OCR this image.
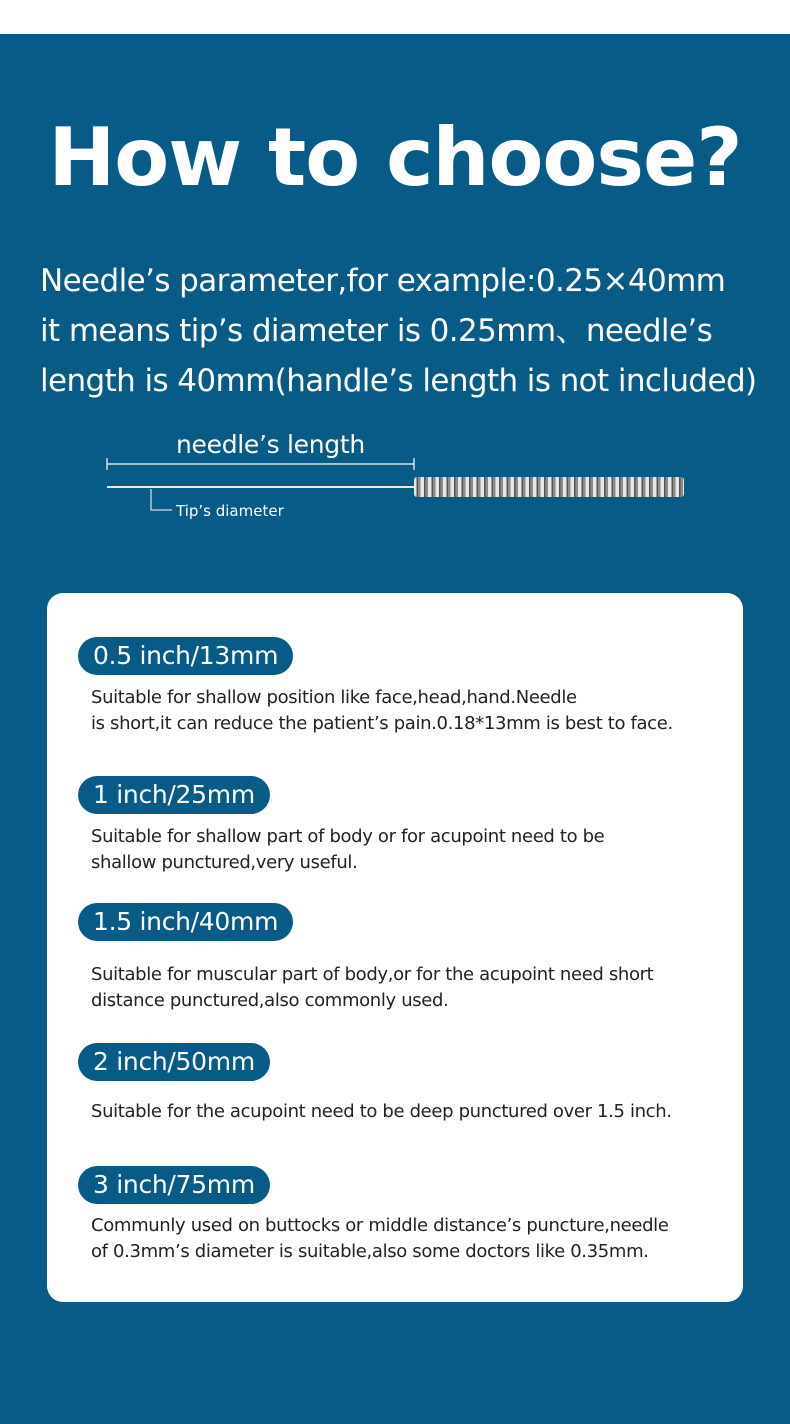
How to choose?
Needle’s parameter,for example:0.25×40mm
it means tip’s diameter is 0.25mm、needle’s
length is 40mm(handle’s length is not included)
needle’s length
Tip’s diameter
0.5 inch/13mm
Suitable for shallow position like face,head,hand.Needle
is short,it can reduce the patient’s pain.0.18*13mm is best to face.
1 inch/25mm
Suitable for shallow part of body or for acupoint need to be
shallow punctured,very useful.
1.5 inch/40mm
Suitable for muscular part of body,or for the acupoint need short
distance punctured,also commonly used.
2 inch/50mm
Suitable for the acupoint need to be deep punctured over 1.5 inch.
3 inch/75mm
Communly used on buttocks or middle distance’s puncture,needle
of 0.3mm’s diameter is suitable,also some doctors like 0.35mm.
